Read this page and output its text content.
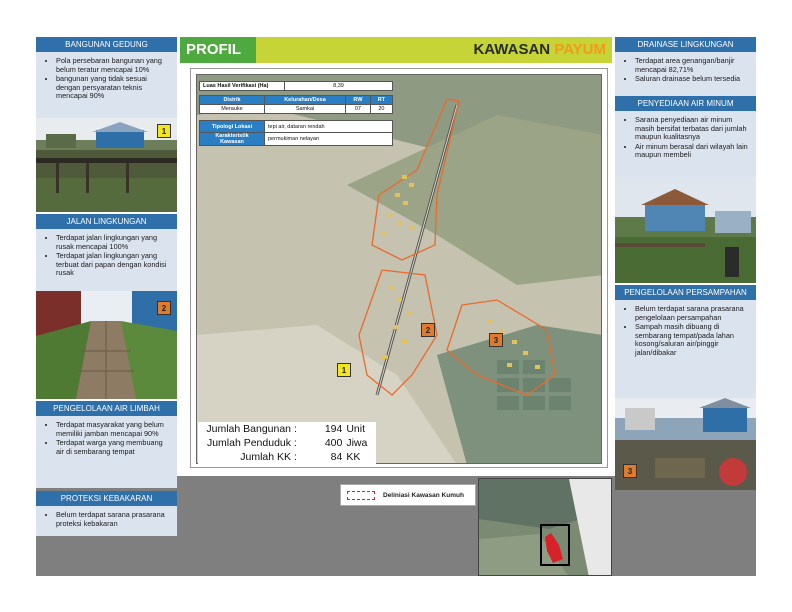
BANGUNAN GEDUNG
• Pola persebaran bangunan yang belum teratur mencapai 10%
• bangunan yang tidak sesuai dengan persyaratan teknis mencapai 90%
1
JALAN LINGKUNGAN
• Terdapat jalan lingkungan yang rusak mencapai 100%
• Terdapat jalan lingkungan yang terbuat dari papan dengan kondisi rusak
2
PENGELOLAAN AIR LIMBAH
• Terdapat masyarakat yang belum memiliki jamban mencapai 90%
• Terdapat warga yang membuang air di sembarang tempat
PROTEKSI KEBAKARAN
• Belum terdapat sarana prasarana proteksi kebakaran
PROFIL	KAWASAN PAYUM
Luas Hasil Verifikasi (Ha)	8,39
Distrik	Kelurahan/Desa	RW	RT
Merauke	Samkai	07	20
Tipologi Lokasi	tepi air, dataran rendah
Karakteristik Kawasan	permukiman nelayan
1
2
3
Jumlah Bangunan :	194 Unit
Jumlah Penduduk :	400 Jiwa
Jumlah KK :	84 KK
Deliniasi Kawasan Kumuh
DRAINASE LINGKUNGAN
• Terdapat area genangan/banjir mencapai 82,71%
• Saluran drainase belum tersedia
PENYEDIAAN AIR MINUM
• Sarana penyediaan air minum masih bersifat terbatas dari jumlah maupun kualitasnya
• Air minum berasal dari wilayah lain maupun membeli
PENGELOLAAN PERSAMPAHAN
• Belum terdapat sarana prasarana pengelolaan persampahan
• Sampah masih dibuang di sembarang tempat/pada lahan kosong/saluran air/pinggir jalan/dibakar
3
